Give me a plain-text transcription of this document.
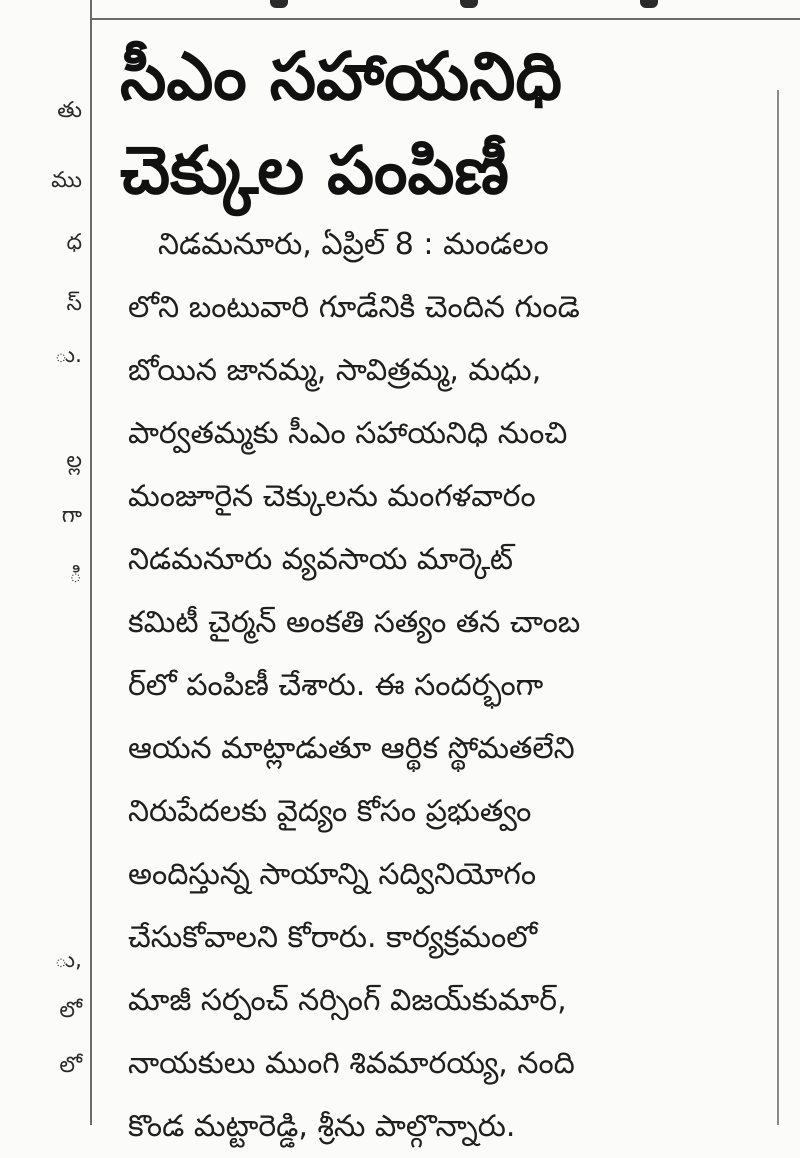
తు
ము
ధ
స్
ు.
ల్ల
గా
ి
ు,
లో
లో
సీఎం సహాయనిధి
చెక్కుల పంపిణీ
నిడమనూరు, ఏప్రిల్ 8 : మండలం
లోని బంటువారి గూడేనికి చెందిన గుండె
బోయిన జానమ్మ, సావిత్రమ్మ, మధు,
పార్వతమ్మకు సీఎం సహాయనిధి నుంచి
మంజూరైన చెక్కులను మంగళవారం
నిడమనూరు వ్యవసాయ మార్కెట్
కమిటీ చైర్మన్ అంకతి సత్యం తన చాంబ
ర్‌లో పంపిణీ చేశారు. ఈ సందర్భంగా
ఆయన మాట్లాడుతూ ఆర్థిక స్థోమతలేని
నిరుపేదలకు వైద్యం కోసం ప్రభుత్వం
అందిస్తున్న సాయాన్ని సద్వినియోగం
చేసుకోవాలని కోరారు. కార్యక్రమంలో
మాజీ సర్పంచ్ నర్సింగ్ విజయ్‌కుమార్,
నాయకులు ముంగి శివమారయ్య, నంది
కొండ మట్టారెడ్డి, శ్రీను పాల్గొన్నారు.
